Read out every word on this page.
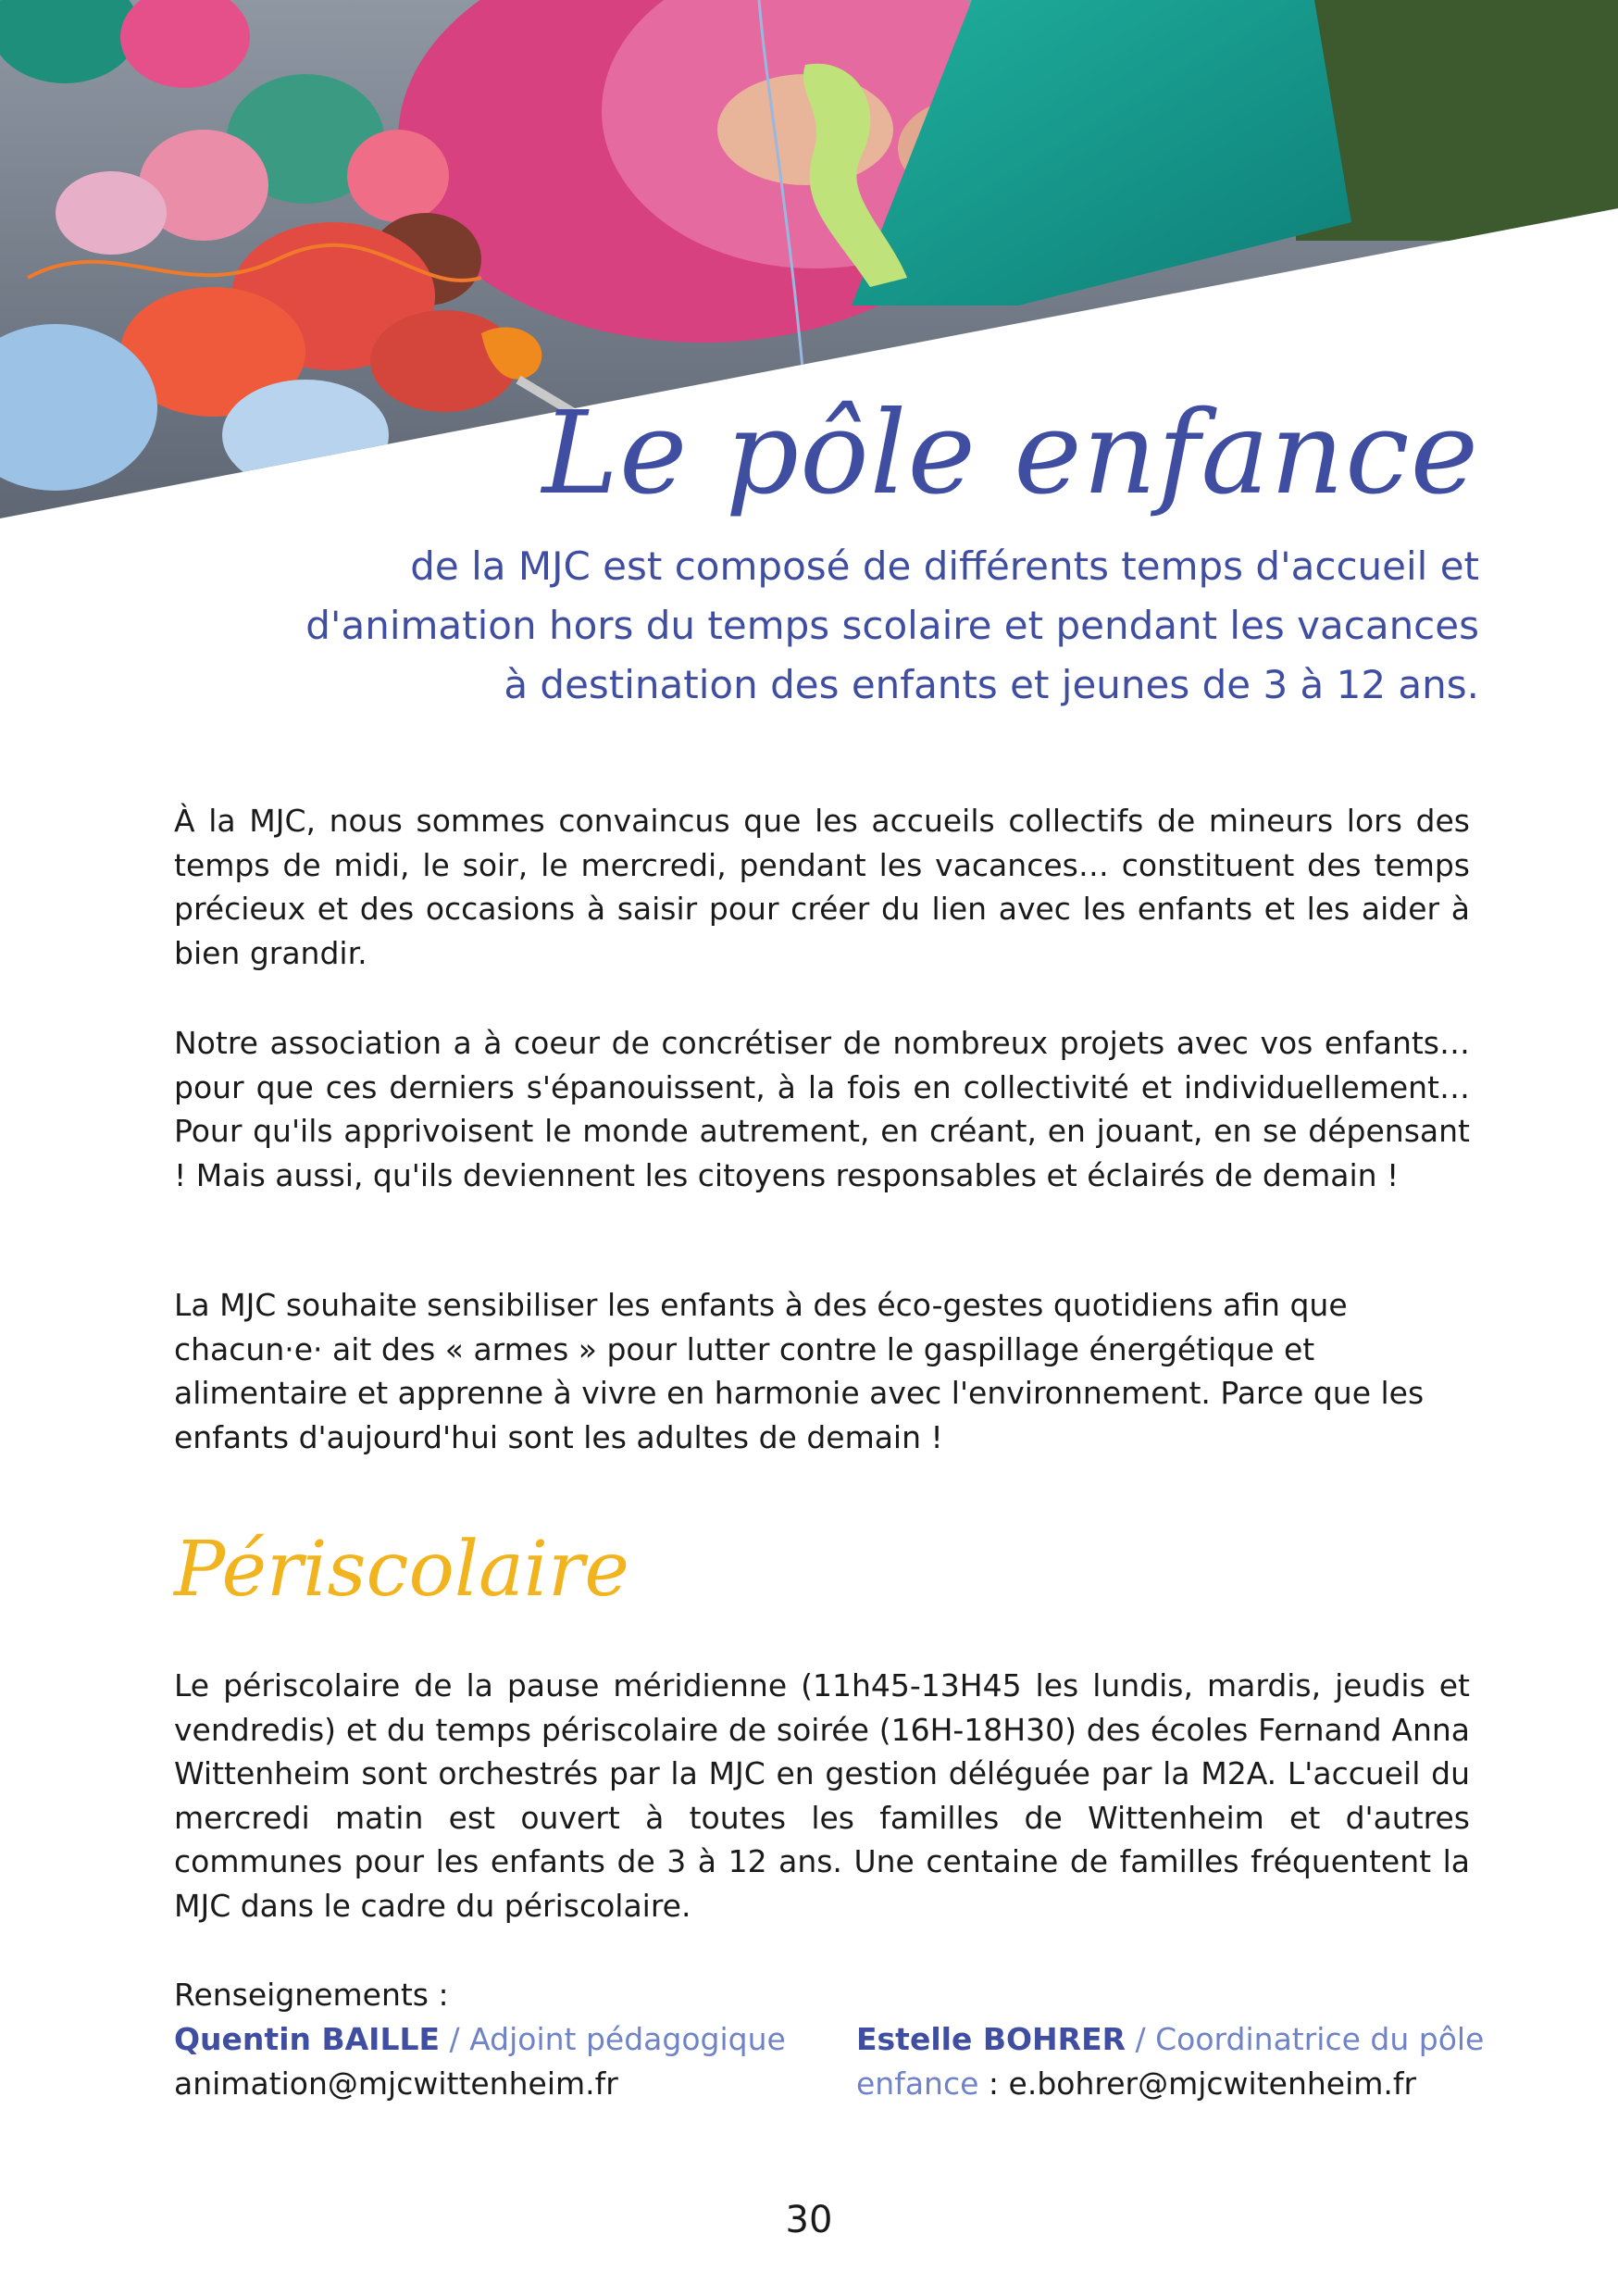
Le pôle enfance
de la MJC est composé de différents temps d'accueil et
d'animation hors du temps scolaire et pendant les vacances
à destination des enfants et jeunes de 3 à 12 ans.

À la MJC, nous sommes convaincus que les accueils collectifs de mineurs lors des temps de midi, le soir, le mercredi, pendant les vacances… constituent des temps précieux et des occasions à saisir pour créer du lien avec les enfants et les aider à bien grandir.

Notre association a à coeur de concrétiser de nombreux projets avec vos enfants… pour que ces derniers s'épanouissent, à la fois en collectivité et individuellement… Pour qu'ils apprivoisent le monde autrement, en créant, en jouant, en se dépensant ! Mais aussi, qu'ils deviennent les citoyens responsables et éclairés de demain !

La MJC souhaite sensibiliser les enfants à des éco-gestes quotidiens afin que chacun·e· ait des « armes » pour lutter contre le gaspillage énergétique et alimentaire et apprenne à vivre en harmonie avec l'environnement. Parce que les enfants d'aujourd'hui sont les adultes de demain !

Périscolaire

Le périscolaire de la pause méridienne (11h45-13H45 les lundis, mardis, jeudis et vendredis) et du temps périscolaire de soirée (16H-18H30) des écoles Fernand Anna Wittenheim sont orchestrés par la MJC en gestion déléguée par la M2A. L'accueil du mercredi matin est ouvert à toutes les familles de Wittenheim et d'autres communes pour les enfants de 3 à 12 ans. Une centaine de familles fréquentent la MJC dans le cadre du périscolaire.

Renseignements :
Quentin BAILLE / Adjoint pédagogique
animation@mjcwittenheim.fr
Estelle BOHRER / Coordinatrice du pôle
enfance : e.bohrer@mjcwitenheim.fr
30
